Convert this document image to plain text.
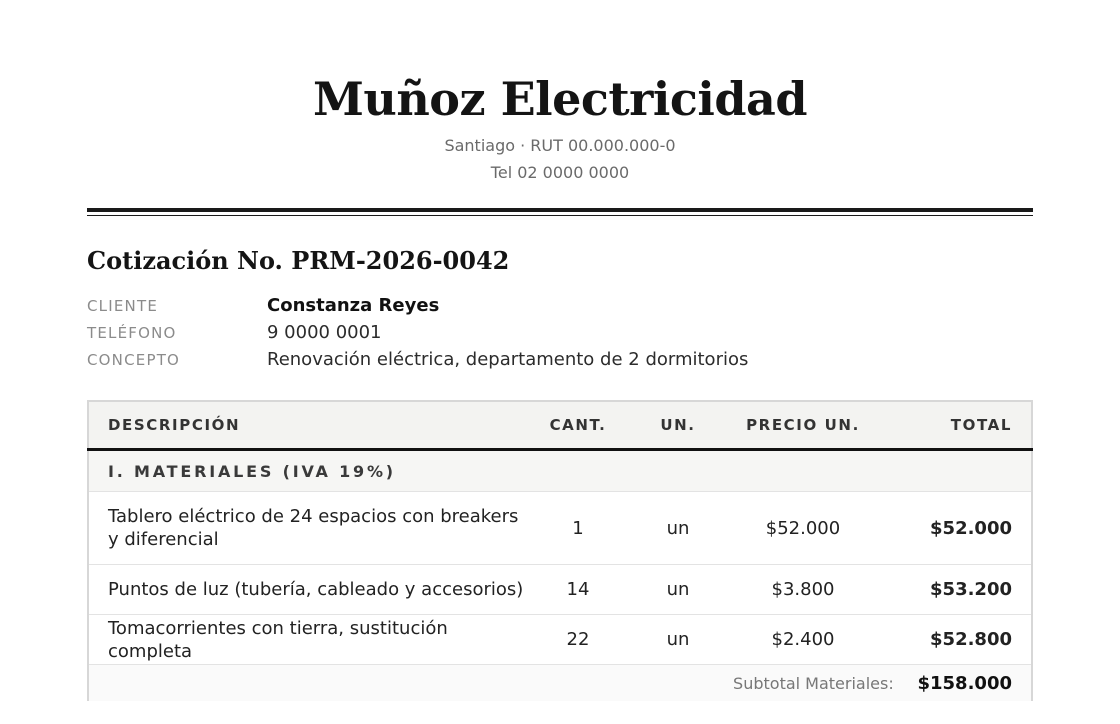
Muñoz Electricidad
Santiago · RUT 00.000.000-0
Tel 02 0000 0000
Cotización No. PRM-2026-0042
CLIENTE	Constanza Reyes
TELÉFONO	9 0000 0001
CONCEPTO	Renovación eléctrica, departamento de 2 dormitorios
DESCRIPCIÓN	CANT.	UN.	PRECIO UN.	TOTAL
I. MATERIALES (IVA 19%)				
Tablero eléctrico de 24 espacios con breakers y diferencial	1	un	$52.000	$52.000
Puntos de luz (tubería, cableado y accesorios)	14	un	$3.800	$53.200
Tomacorrientes con tierra, sustitución completa	22	un	$2.400	$52.800
Subtotal Materiales: $158.000				
